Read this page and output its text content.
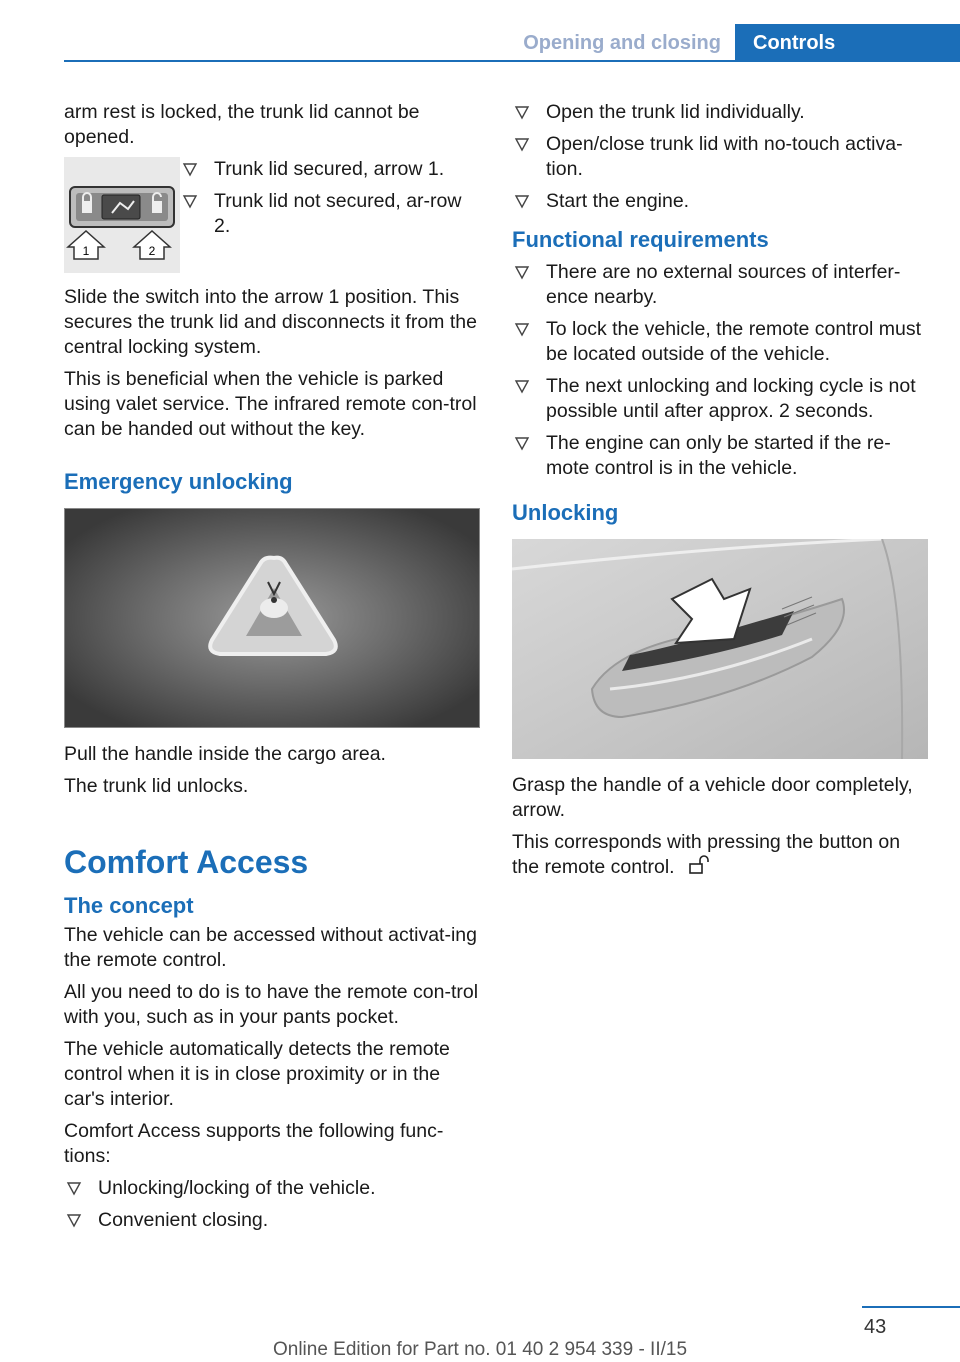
Opening and closing	Controls

arm rest is locked, the trunk lid cannot be opened.

1	2
Trunk lid secured, arrow 1.
Trunk lid not secured, ar‐row 2.

Slide the switch into the arrow 1 position. This secures the trunk lid and disconnects it from the central locking system.

This is beneficial when the vehicle is parked using valet service. The infrared remote con‐trol can be handed out without the key.

Emergency unlocking

Pull the handle inside the cargo area.

The trunk lid unlocks.

Comfort Access
The concept

The vehicle can be accessed without activat‐ing the remote control.

All you need to do is to have the remote con‐trol with you, such as in your pants pocket.

The vehicle automatically detects the remote control when it is in close proximity or in the car's interior.

Comfort Access supports the following func‐tions:

Unlocking/locking of the vehicle.
Convenient closing.
Open the trunk lid individually.
Open/close trunk lid with no-touch activa‐tion.
Start the engine.
Functional requirements
There are no external sources of interfer‐ence nearby.
To lock the vehicle, the remote control must be located outside of the vehicle.
The next unlocking and locking cycle is not possible until after approx. 2 seconds.
The engine can only be started if the re‐mote control is in the vehicle.
Unlocking

Grasp the handle of a vehicle door completely, arrow.

This corresponds with pressing the button on the remote control.

43
Online Edition for Part no. 01 40 2 954 339 - II/15
